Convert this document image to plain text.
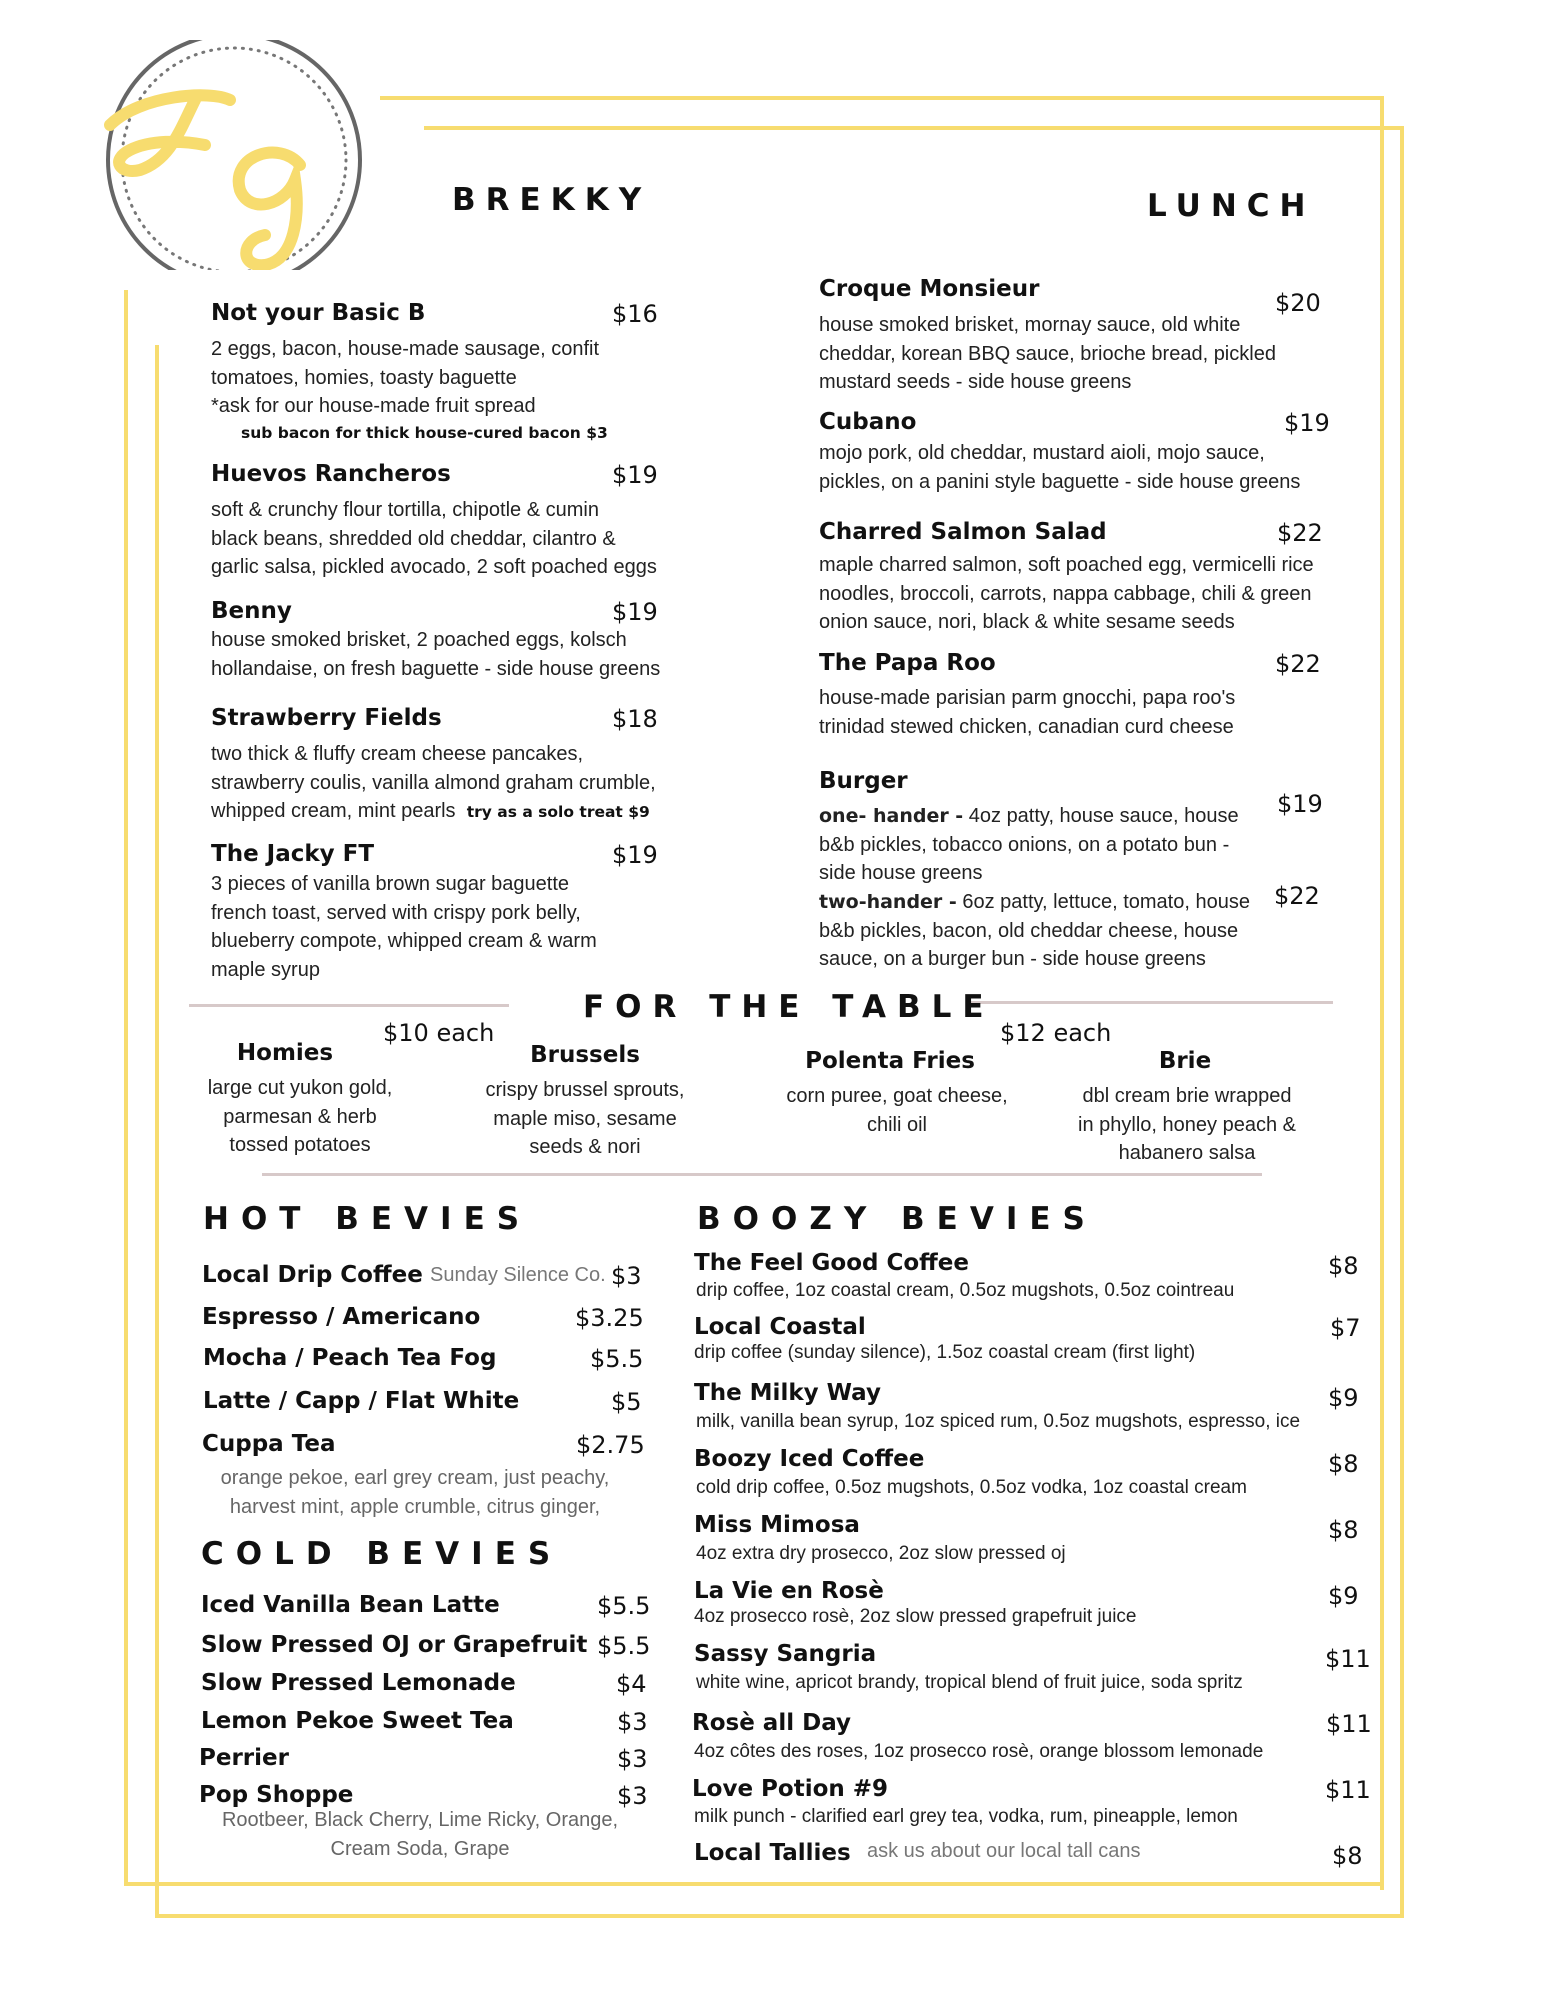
BREKKY	LUNCH
Not your Basic B	$16
2 eggs, bacon, house-made sausage, confit
tomatoes, homies, toasty baguette
*ask for our house-made fruit spread
sub bacon for thick house-cured bacon $3
Huevos Rancheros	$19
soft & crunchy flour tortilla, chipotle & cumin
black beans, shredded old cheddar, cilantro &
garlic salsa, pickled avocado, 2 soft poached eggs
Benny	$19
house smoked brisket, 2 poached eggs, kolsch
hollandaise, on fresh baguette - side house greens
Strawberry Fields	$18
two thick & fluffy cream cheese pancakes,
strawberry coulis, vanilla almond graham crumble,
whipped cream, mint pearls try as a solo treat $9
The Jacky FT	$19
3 pieces of vanilla brown sugar baguette
french toast, served with crispy pork belly,
blueberry compote, whipped cream & warm
maple syrup
Croque Monsieur	$20
house smoked brisket, mornay sauce, old white
cheddar, korean BBQ sauce, brioche bread, pickled
mustard seeds - side house greens
Cubano	$19
mojo pork, old cheddar, mustard aioli, mojo sauce,
pickles, on a panini style baguette - side house greens
Charred Salmon Salad	$22
maple charred salmon, soft poached egg, vermicelli rice
noodles, broccoli, carrots, nappa cabbage, chili & green
onion sauce, nori, black & white sesame seeds
The Papa Roo	$22
house-made parisian parm gnocchi, papa roo's
trinidad stewed chicken, canadian curd cheese
Burger
$19
one- hander - 4oz patty, house sauce, house
b&b pickles, tobacco onions, on a potato bun -
side house greens
$22
two-hander - 6oz patty, lettuce, tomato, house
b&b pickles, bacon, old cheddar cheese, house
sauce, on a burger bun - side house greens
FOR THE TABLE
$10 each	$12 each
Homies
large cut yukon gold,
parmesan & herb
tossed potatoes
Brussels
crispy brussel sprouts,
maple miso, sesame
seeds & nori
Polenta Fries
corn puree, goat cheese,
chili oil
Brie
dbl cream brie wrapped
in phyllo, honey peach &
habanero salsa
HOT BEVIES
Local Drip Coffee Sunday Silence Co. $3
Espresso / Americano	$3.25
Mocha / Peach Tea Fog	$5.5
Latte / Capp / Flat White	$5
Cuppa Tea	$2.75
orange pekoe, earl grey cream, just peachy,
harvest mint, apple crumble, citrus ginger,
COLD BEVIES
Iced Vanilla Bean Latte	$5.5
Slow Pressed OJ or Grapefruit $5.5
Slow Pressed Lemonade	$4
Lemon Pekoe Sweet Tea	$3
Perrier	$3
Pop Shoppe	$3
Rootbeer, Black Cherry, Lime Ricky, Orange,
Cream Soda, Grape
BOOZY BEVIES
The Feel Good Coffee	$8
drip coffee, 1oz coastal cream, 0.5oz mugshots, 0.5oz cointreau
Local Coastal	$7
drip coffee (sunday silence), 1.5oz coastal cream (first light)
The Milky Way	$9
milk, vanilla bean syrup, 1oz spiced rum, 0.5oz mugshots, espresso, ice
Boozy Iced Coffee	$8
cold drip coffee, 0.5oz mugshots, 0.5oz vodka, 1oz coastal cream
Miss Mimosa	$8
4oz extra dry prosecco, 2oz slow pressed oj
La Vie en Rosè	$9
4oz prosecco rosè, 2oz slow pressed grapefruit juice
Sassy Sangria	$11
white wine, apricot brandy, tropical blend of fruit juice, soda spritz
Rosè all Day	$11
4oz côtes des roses, 1oz prosecco rosè, orange blossom lemonade
Love Potion #9	$11
milk punch - clarified earl grey tea, vodka, rum, pineapple, lemon
Local Tallies ask us about our local tall cans	$8
